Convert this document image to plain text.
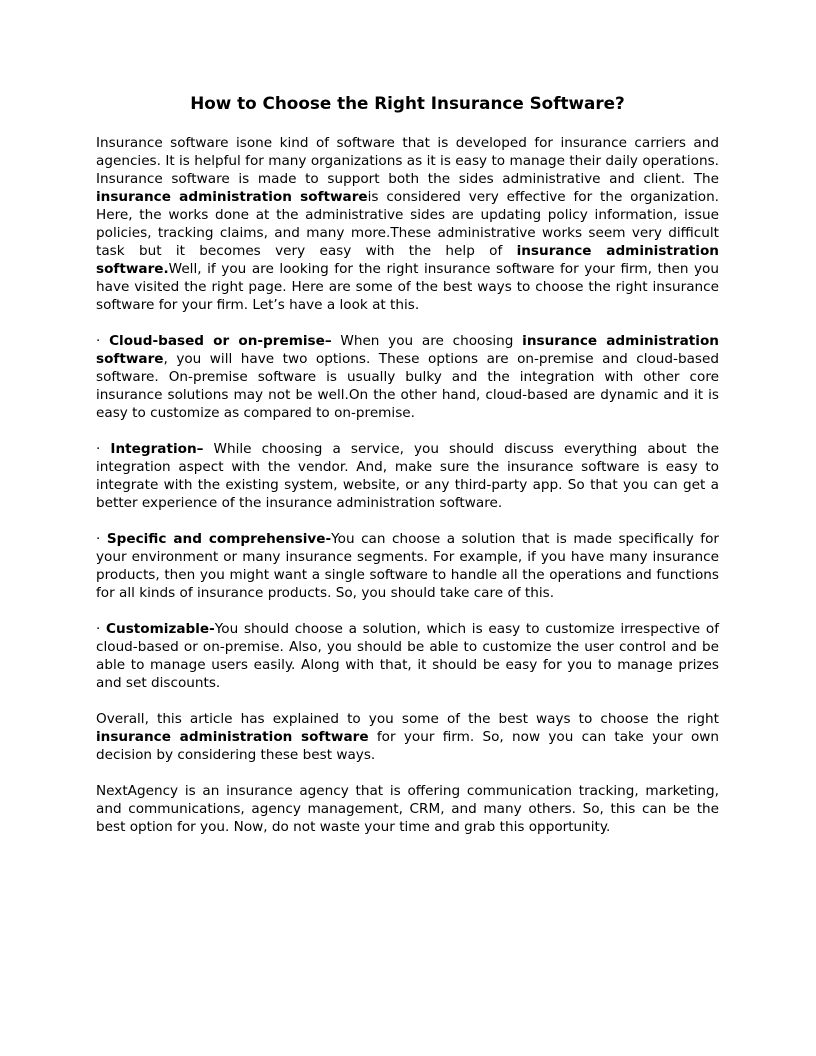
How to Choose the Right Insurance Software?

Insurance software isone kind of software that is developed for insurance carriers and agencies. It is helpful for many organizations as it is easy to manage their daily operations. Insurance software is made to support both the sides administrative and client. The insurance administration softwareis considered very effective for the organization. Here, the works done at the administrative sides are updating policy information, issue policies, tracking claims, and many more.These administrative works seem very difficult task but it becomes very easy with the help of insurance administration software.Well, if you are looking for the right insurance software for your firm, then you have visited the right page. Here are some of the best ways to choose the right insurance software for your firm. Let’s have a look at this.

· Cloud-based or on-premise– When you are choosing insurance administration software, you will have two options. These options are on-premise and cloud-based software. On-premise software is usually bulky and the integration with other core insurance solutions may not be well.On the other hand, cloud-based are dynamic and it is easy to customize as compared to on-premise.

· Integration– While choosing a service, you should discuss everything about the integration aspect with the vendor. And, make sure the insurance software is easy to integrate with the existing system, website, or any third-party app. So that you can get a better experience of the insurance administration software.

· Specific and comprehensive-You can choose a solution that is made specifically for your environment or many insurance segments. For example, if you have many insurance products, then you might want a single software to handle all the operations and functions for all kinds of insurance products. So, you should take care of this.

· Customizable-You should choose a solution, which is easy to customize irrespective of cloud-based or on-premise. Also, you should be able to customize the user control and be able to manage users easily. Along with that, it should be easy for you to manage prizes and set discounts.

Overall, this article has explained to you some of the best ways to choose the right insurance administration software for your firm. So, now you can take your own decision by considering these best ways.

NextAgency is an insurance agency that is offering communication tracking, marketing, and communications, agency management, CRM, and many others. So, this can be the best option for you. Now, do not waste your time and grab this opportunity.
